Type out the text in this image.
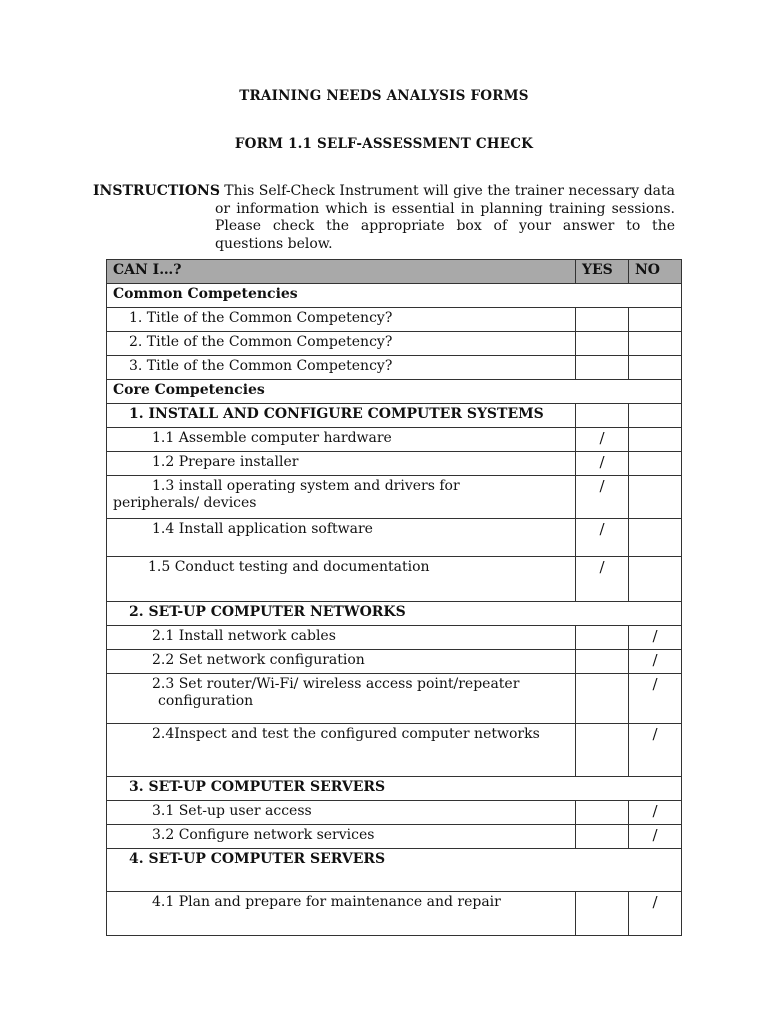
TRAINING NEEDS ANALYSIS FORMS
FORM 1.1 SELF-ASSESSMENT CHECK
INSTRUCTIONS
: This Self-Check Instrument will give the trainer necessary data or information which is essential in planning training sessions. Please check the appropriate box of your answer to the questions below.
CAN I…?	YES	NO
Common Competencies		
1. Title of the Common Competency?		
2. Title of the Common Competency?		
3. Title of the Common Competency?		
Core Competencies		
1. INSTALL AND CONFIGURE COMPUTER SYSTEMS		
1.1 Assemble computer hardware	/	
1.2 Prepare installer	/	
1.3 install operating system and drivers for
peripherals/ devices	/	
1.4 Install application software	/	
1.5 Conduct testing and documentation	/	
2. SET-UP COMPUTER NETWORKS		
2.1 Install network cables		/
2.2 Set network configuration		/
2.3 Set router/Wi-Fi/ wireless access point/repeater
configuration		/
2.4Inspect and test the configured computer networks		/
3. SET-UP COMPUTER SERVERS		
3.1 Set-up user access		/
3.2 Configure network services		/
4. SET-UP COMPUTER SERVERS		
4.1 Plan and prepare for maintenance and repair		/
